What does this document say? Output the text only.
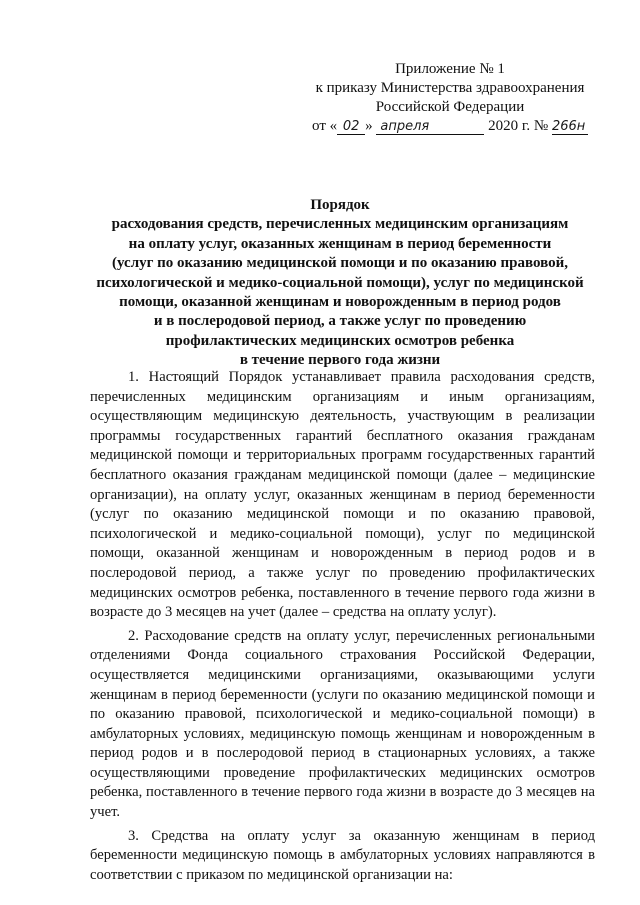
Приложение № 1
к приказу Министерства здравоохранения
Российской Федерации
от « 02 » апреля	2020 г. № 266н
Порядок
расходования средств, перечисленных медицинским организациям
на оплату услуг, оказанных женщинам в период беременности
(услуг по оказанию медицинской помощи и по оказанию правовой,
психологической и медико-социальной помощи), услуг по медицинской
помощи, оказанной женщинам и новорожденным в период родов
и в послеродовой период, а также услуг по проведению
профилактических медицинских осмотров ребенка
в течение первого года жизни

1. Настоящий Порядок устанавливает правила расходования средств, перечисленных медицинским организациям и иным организациям, осуществляющим медицинскую деятельность, участвующим в реализации программы государственных гарантий бесплатного оказания гражданам медицинской помощи и территориальных программ государственных гарантий бесплатного оказания гражданам медицинской помощи (далее – медицинские организации), на оплату услуг, оказанных женщинам в период беременности (услуг по оказанию медицинской помощи и по оказанию правовой, психологической и медико-социальной помощи), услуг по медицинской помощи, оказанной женщинам и новорожденным в период родов и в послеродовой период, а также услуг по проведению профилактических медицинских осмотров ребенка, поставленного в течение первого года жизни в возрасте до 3 месяцев на учет (далее – средства на оплату услуг).

2. Расходование средств на оплату услуг, перечисленных региональными отделениями Фонда социального страхования Российской Федерации, осуществляется медицинскими организациями, оказывающими услуги женщинам в период беременности (услуги по оказанию медицинской помощи и по оказанию правовой, психологической и медико-социальной помощи) в амбулаторных условиях, медицинскую помощь женщинам и новорожденным в период родов и в послеродовой период в стационарных условиях, а также осуществляющими проведение профилактических медицинских осмотров ребенка, поставленного в течение первого года жизни в возрасте до 3 месяцев на учет.

3. Средства на оплату услуг за оказанную женщинам в период беременности медицинскую помощь в амбулаторных условиях направляются в соответствии с приказом по медицинской организации на:
